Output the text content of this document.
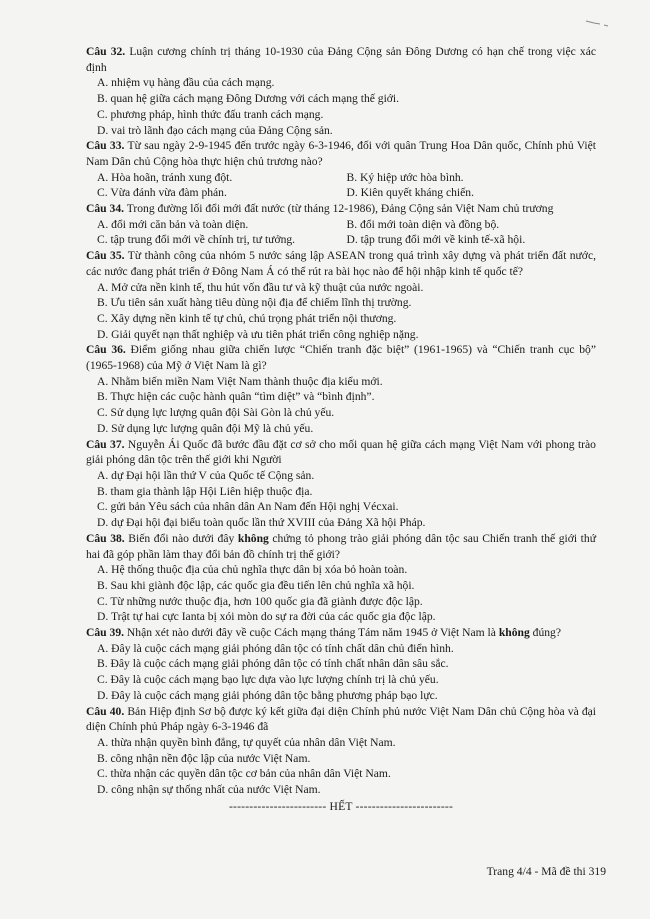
Câu 32. Luận cương chính trị tháng 10-1930 của Đảng Cộng sản Đông Dương có hạn chế trong việc xác định
A. nhiệm vụ hàng đầu của cách mạng.
B. quan hệ giữa cách mạng Đông Dương với cách mạng thế giới.
C. phương pháp, hình thức đấu tranh cách mạng.
D. vai trò lãnh đạo cách mạng của Đảng Cộng sản.
Câu 33. Từ sau ngày 2-9-1945 đến trước ngày 6-3-1946, đối với quân Trung Hoa Dân quốc, Chính phủ Việt Nam Dân chủ Cộng hòa thực hiện chủ trương nào?
A. Hòa hoãn, tránh xung đột.	B. Ký hiệp ước hòa bình.
C. Vừa đánh vừa đàm phán.	D. Kiên quyết kháng chiến.
Câu 34. Trong đường lối đổi mới đất nước (từ tháng 12-1986), Đảng Cộng sản Việt Nam chủ trương
A. đổi mới căn bản và toàn diện.	B. đổi mới toàn diện và đồng bộ.
C. tập trung đổi mới về chính trị, tư tưởng.	D. tập trung đổi mới về kinh tế-xã hội.
Câu 35. Từ thành công của nhóm 5 nước sáng lập ASEAN trong quá trình xây dựng và phát triển đất nước, các nước đang phát triển ở Đông Nam Á có thể rút ra bài học nào để hội nhập kinh tế quốc tế?
A. Mở cửa nền kinh tế, thu hút vốn đầu tư và kỹ thuật của nước ngoài.
B. Ưu tiên sản xuất hàng tiêu dùng nội địa để chiếm lĩnh thị trường.
C. Xây dựng nền kinh tế tự chủ, chú trọng phát triển nội thương.
D. Giải quyết nạn thất nghiệp và ưu tiên phát triển công nghiệp nặng.
Câu 36. Điểm giống nhau giữa chiến lược “Chiến tranh đặc biệt” (1961-1965) và “Chiến tranh cục bộ” (1965-1968) của Mỹ ở Việt Nam là gì?
A. Nhằm biến miền Nam Việt Nam thành thuộc địa kiểu mới.
B. Thực hiện các cuộc hành quân “tìm diệt” và “bình định”.
C. Sử dụng lực lượng quân đội Sài Gòn là chủ yếu.
D. Sử dụng lực lượng quân đội Mỹ là chủ yếu.
Câu 37. Nguyễn Ái Quốc đã bước đầu đặt cơ sở cho mối quan hệ giữa cách mạng Việt Nam với phong trào giải phóng dân tộc trên thế giới khi Người
A. dự Đại hội lần thứ V của Quốc tế Cộng sản.
B. tham gia thành lập Hội Liên hiệp thuộc địa.
C. gửi bản Yêu sách của nhân dân An Nam đến Hội nghị Vécxai.
D. dự Đại hội đại biểu toàn quốc lần thứ XVIII của Đảng Xã hội Pháp.
Câu 38. Biến đổi nào dưới đây không chứng tỏ phong trào giải phóng dân tộc sau Chiến tranh thế giới thứ hai đã góp phần làm thay đổi bản đồ chính trị thế giới?
A. Hệ thống thuộc địa của chủ nghĩa thực dân bị xóa bỏ hoàn toàn.
B. Sau khi giành độc lập, các quốc gia đều tiến lên chủ nghĩa xã hội.
C. Từ những nước thuộc địa, hơn 100 quốc gia đã giành được độc lập.
D. Trật tự hai cực Ianta bị xói mòn do sự ra đời của các quốc gia độc lập.
Câu 39. Nhận xét nào dưới đây về cuộc Cách mạng tháng Tám năm 1945 ở Việt Nam là không đúng?
A. Đây là cuộc cách mạng giải phóng dân tộc có tính chất dân chủ điển hình.
B. Đây là cuộc cách mạng giải phóng dân tộc có tính chất nhân dân sâu sắc.
C. Đây là cuộc cách mạng bạo lực dựa vào lực lượng chính trị là chủ yếu.
D. Đây là cuộc cách mạng giải phóng dân tộc bằng phương pháp bạo lực.
Câu 40. Bản Hiệp định Sơ bộ được ký kết giữa đại diện Chính phủ nước Việt Nam Dân chủ Cộng hòa và đại diện Chính phủ Pháp ngày 6-3-1946 đã
A. thừa nhận quyền bình đẳng, tự quyết của nhân dân Việt Nam.
B. công nhận nền độc lập của nước Việt Nam.
C. thừa nhận các quyền dân tộc cơ bản của nhân dân Việt Nam.
D. công nhận sự thống nhất của nước Việt Nam.
------------------------ HẾT ------------------------
Trang 4/4 - Mã đề thi 319
